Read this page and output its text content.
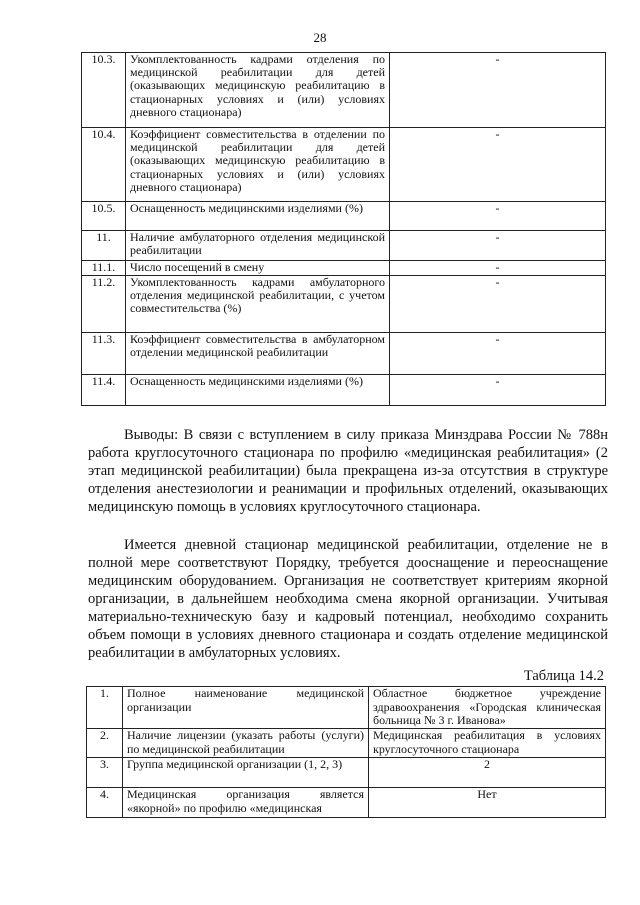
28
10.3.	Укомплектованность кадрами отделения по медицинской реабилитации для детей (оказывающих медицинскую реабилитацию в стационарных условиях и (или) условиях дневного стационара)	-
10.4.	Коэффициент совместительства в отделении по медицинской реабилитации для детей (оказывающих медицинскую реабилитацию в стационарных условиях и (или) условиях дневного стационара)	-
10.5.	Оснащенность медицинскими изделиями (%)	-
11.	Наличие амбулаторного отделения медицинской реабилитации	-
11.1.	Число посещений в смену	-
11.2.	Укомплектованность кадрами амбулаторного отделения медицинской реабилитации, с учетом совместительства (%)	-
11.3.	Коэффициент совместительства в амбулаторном отделении медицинской реабилитации	-
11.4.	Оснащенность медицинскими изделиями (%)	-

Выводы: В связи с вступлением в силу приказа Минздрава России № 788н работа круглосуточного стационара по профилю «медицинская реабилитация» (2 этап медицинской реабилитации) была прекращена из-за отсутствия в структуре отделения анестезиологии и реанимации и профильных отделений, оказывающих медицинскую помощь в условиях круглосуточного стационара.

Имеется дневной стационар медицинской реабилитации, отделение не в полной мере соответствуют Порядку, требуется дооснащение и переоснащение медицинским оборудованием. Организация не соответствует критериям якорной организации, в дальнейшем необходима смена якорной организации. Учитывая материально-техническую базу и кадровый потенциал, необходимо сохранить объем помощи в условиях дневного стационара и создать отделение медицинской реабилитации в амбулаторных условиях.

Таблица 14.2
1.	Полное наименование медицинской организации	Областное бюджетное учреждение здравоохранения «Городская клиническая больница № 3 г. Иванова»
2.	Наличие лицензии (указать работы (услуги) по медицинской реабилитации	Медицинская реабилитация в условиях круглосуточного стационара
3.	Группа медицинской организации (1, 2, 3)	2
4.	Медицинская организация является «якорной» по профилю «медицинская	Нет
